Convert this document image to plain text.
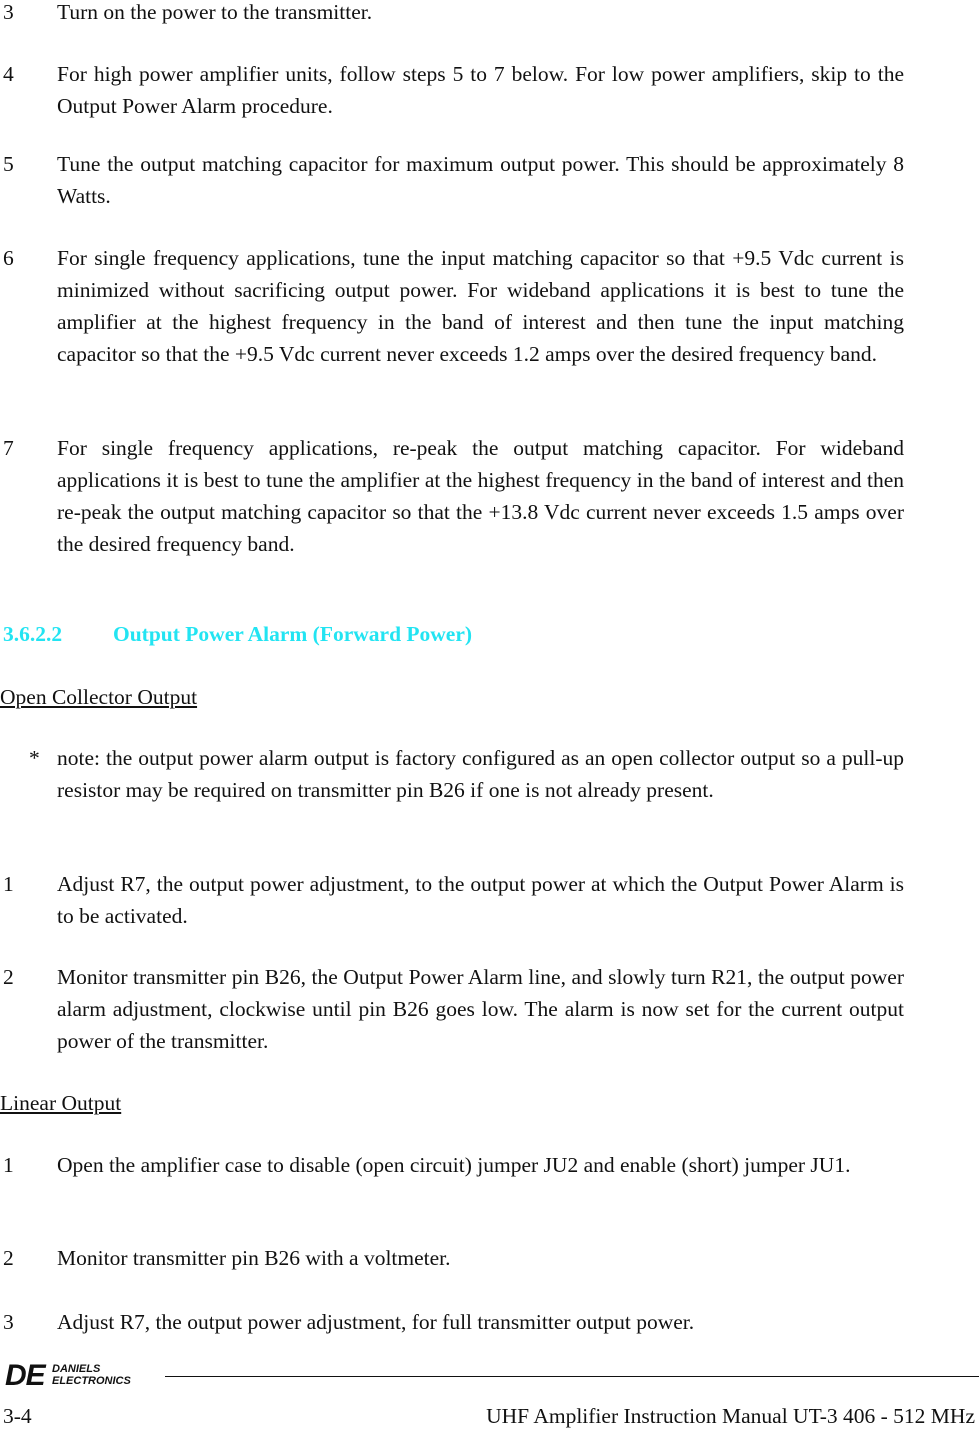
3 Turn on the power to the transmitter.
4 For high power amplifier units, follow steps 5 to 7 below. For low power amplifiers, skip to the Output Power Alarm procedure.
5 Tune the output matching capacitor for maximum output power. This should be approximately 8 Watts.
6 For single frequency applications, tune the input matching capacitor so that +9.5 Vdc current is minimized without sacrificing output power. For wideband applications it is best to tune the amplifier at the highest frequency in the band of interest and then tune the input matching capacitor so that the +9.5 Vdc current never exceeds 1.2 amps over the desired frequency band.
7 For single frequency applications, re-peak the output matching capacitor. For wideband applications it is best to tune the amplifier at the highest frequency in the band of interest and then re-peak the output matching capacitor so that the +13.8 Vdc current never exceeds 1.5 amps over the desired frequency band.
3.6.2.2 Output Power Alarm (Forward Power)
Open Collector Output
* note: the output power alarm output is factory configured as an open collector output so a pull-up resistor may be required on transmitter pin B26 if one is not already present.
1 Adjust R7, the output power adjustment, to the output power at which the Output Power Alarm is to be activated.
2 Monitor transmitter pin B26, the Output Power Alarm line, and slowly turn R21, the output power alarm adjustment, clockwise until pin B26 goes low. The alarm is now set for the current output power of the transmitter.
Linear Output
1 Open the amplifier case to disable (open circuit) jumper JU2 and enable (short) jumper JU1.
2 Monitor transmitter pin B26 with a voltmeter.
3 Adjust R7, the output power adjustment, for full transmitter output power.
DE DANIELS
ELECTRONICS
3-4	UHF Amplifier Instruction Manual UT-3 406 - 512 MHz
